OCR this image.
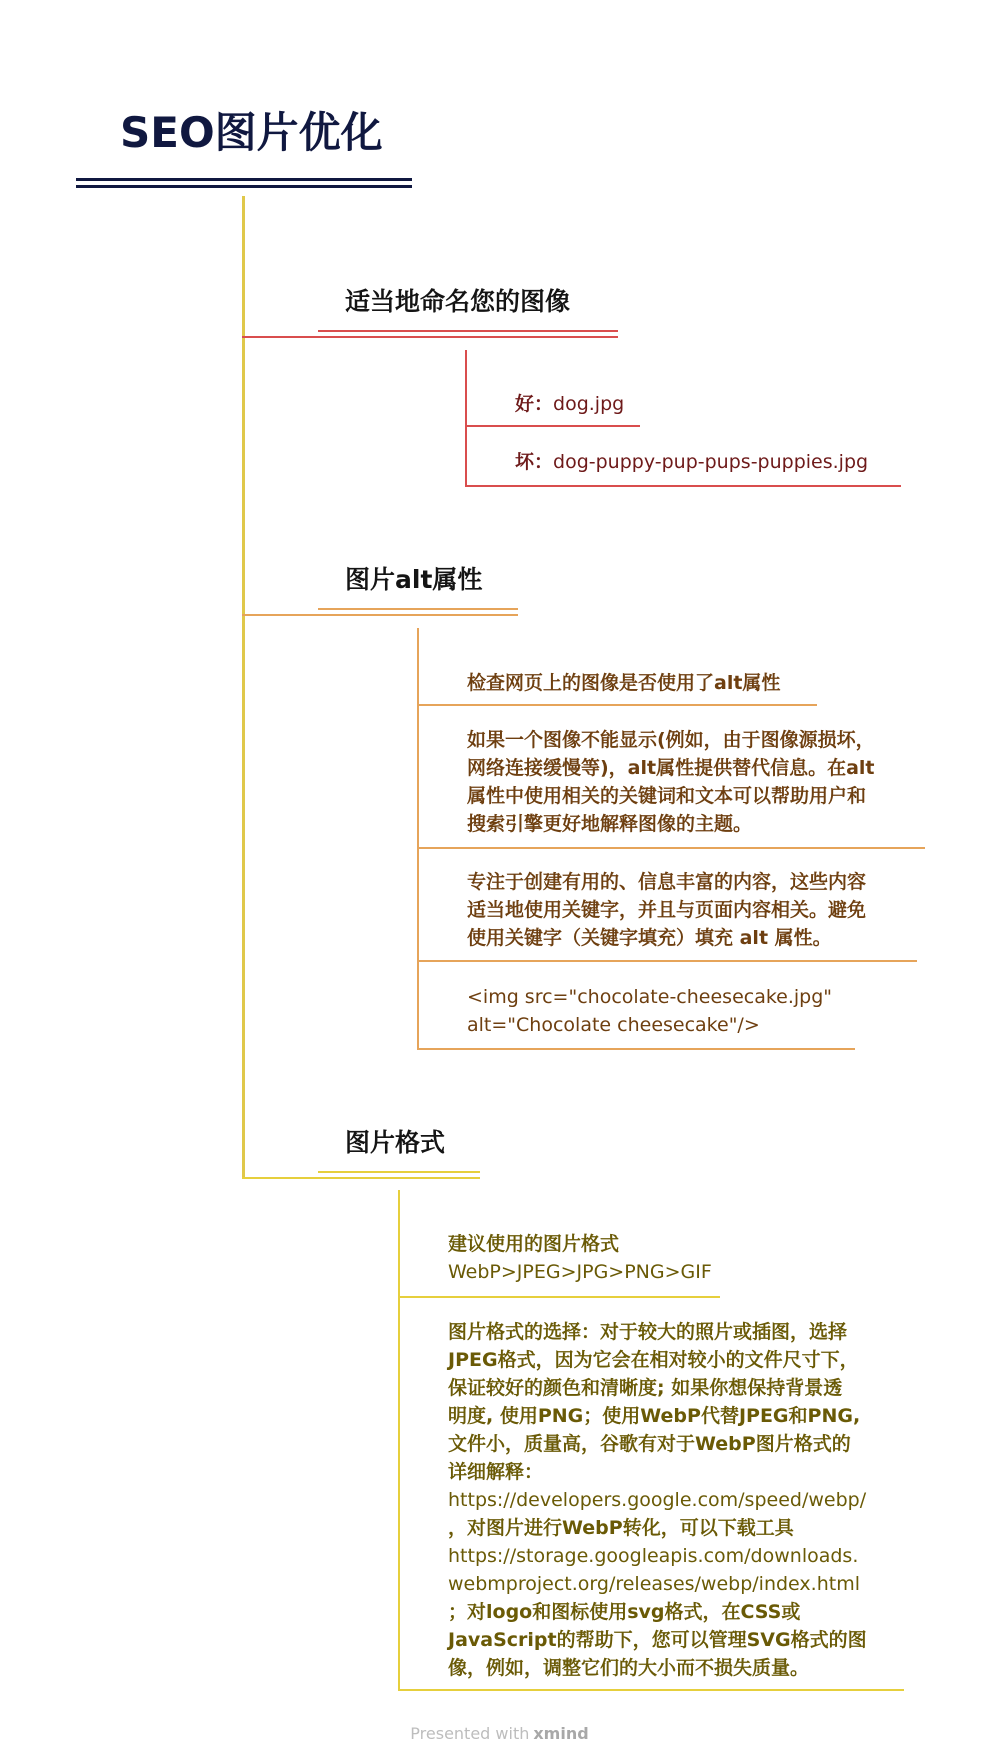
SEO图片优化
适当地命名您的图像
好：dog.jpg
坏：dog-puppy-pup-pups-puppies.jpg
图片alt属性
检查网页上的图像是否使用了alt属性
如果一个图像不能显示(例如，由于图像源损坏，
网络连接缓慢等)，alt属性提供替代信息。在alt
属性中使用相关的关键词和文本可以帮助用户和
搜索引擎更好地解释图像的主题。
专注于创建有用的、信息丰富的内容，这些内容
适当地使用关键字，并且与页面内容相关。避免
使用关键字（关键字填充）填充 alt 属性。
<img src="chocolate-cheesecake.jpg"
alt="Chocolate cheesecake"/>
图片格式
建议使用的图片格式
WebP>JPEG>JPG>PNG>GIF
图片格式的选择：对于较大的照片或插图，选择
JPEG格式，因为它会在相对较小的文件尺寸下，
保证较好的颜色和清晰度; 如果你想保持背景透
明度, 使用PNG；使用WebP代替JPEG和PNG,
文件小，质量高，谷歌有对于WebP图片格式的
详细解释：
https://developers.google.com/speed/webp/
，对图片进行WebP转化，可以下载工具
https://storage.googleapis.com/downloads.
webmproject.org/releases/webp/index.html
；对logo和图标使用svg格式，在CSS或
JavaScript的帮助下，您可以管理SVG格式的图
像，例如，调整它们的大小而不损失质量。
Presented with xmind
